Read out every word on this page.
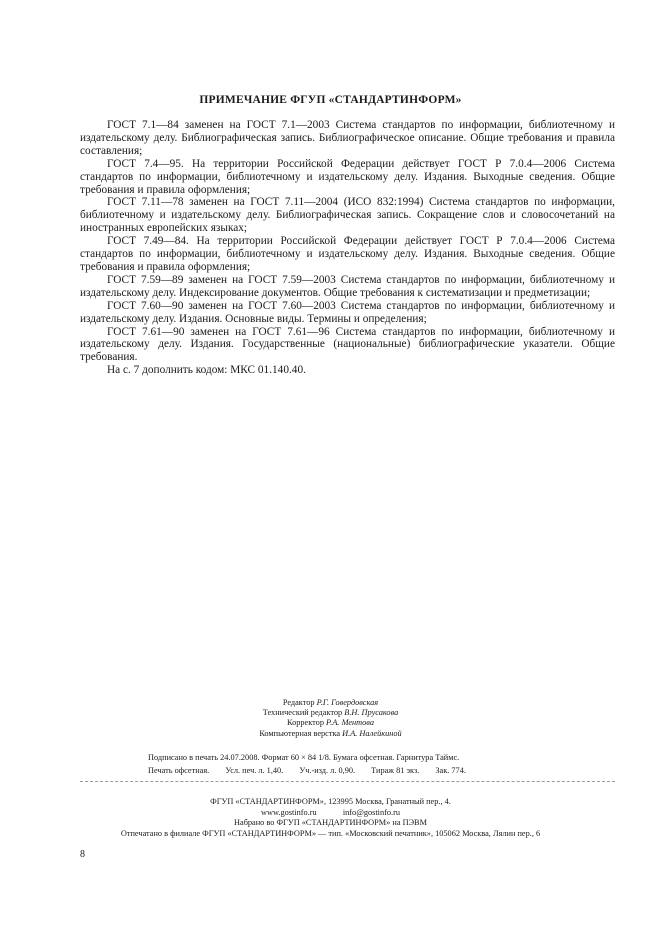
ПРИМЕЧАНИЕ ФГУП «СТАНДАРТИНФОРМ»

ГОСТ 7.1—84 заменен на ГОСТ 7.1—2003 Система стандартов по информации, библиотечному и издательскому делу. Библиографическая запись. Библиографическое описание. Общие требования и правила составления;

ГОСТ 7.4—95. На территории Российской Федерации действует ГОСТ Р 7.0.4—2006 Система стандартов по информации, библиотечному и издательскому делу. Издания. Выходные сведения. Общие требования и правила оформления;

ГОСТ 7.11—78 заменен на ГОСТ 7.11—2004 (ИСО 832:1994) Система стандартов по информации, библиотечному и издательскому делу. Библиографическая запись. Сокращение слов и словосочетаний на иностранных европейских языках;

ГОСТ 7.49—84. На территории Российской Федерации действует ГОСТ Р 7.0.4—2006 Система стандартов по информации, библиотечному и издательскому делу. Издания. Выходные сведения. Общие требования и правила оформления;

ГОСТ 7.59—89 заменен на ГОСТ 7.59—2003 Система стандартов по информации, библиотечному и издательскому делу. Индексирование документов. Общие требования к систематизации и предметизации;

ГОСТ 7.60—90 заменен на ГОСТ 7.60—2003 Система стандартов по информации, библиотечному и издательскому делу. Издания. Основные виды. Термины и определения;

ГОСТ 7.61—90 заменен на ГОСТ 7.61—96 Система стандартов по информации, библиотечному и издательскому делу. Издания. Государственные (национальные) библиографические указатели. Общие требования.

На с. 7 дополнить кодом: МКС 01.140.40.

Редактор Р.Г. Говердовская
Технический редактор В.Н. Прусакова
Корректор Р.А. Ментова
Компьютерная верстка И.А. Налейкиной
Подписано в печать 24.07.2008. Формат 60 × 84 1/8. Бумага офсетная. Гарнитура Таймс.
Печать офсетная. Усл. печ. л. 1,40. Уч.-изд. л. 0,90. Тираж 81 экз. Зак. 774.
ФГУП «СТАНДАРТИНФОРМ», 123995 Москва, Гранатный пер., 4.
www.gostinfo.ru	info@gostinfo.ru
Набрано во ФГУП «СТАНДАРТИНФОРМ» на ПЭВМ
Отпечатано в филиале ФГУП «СТАНДАРТИНФОРМ» — тип. «Московский печатник», 105062 Москва, Лялин пер., 6
8
